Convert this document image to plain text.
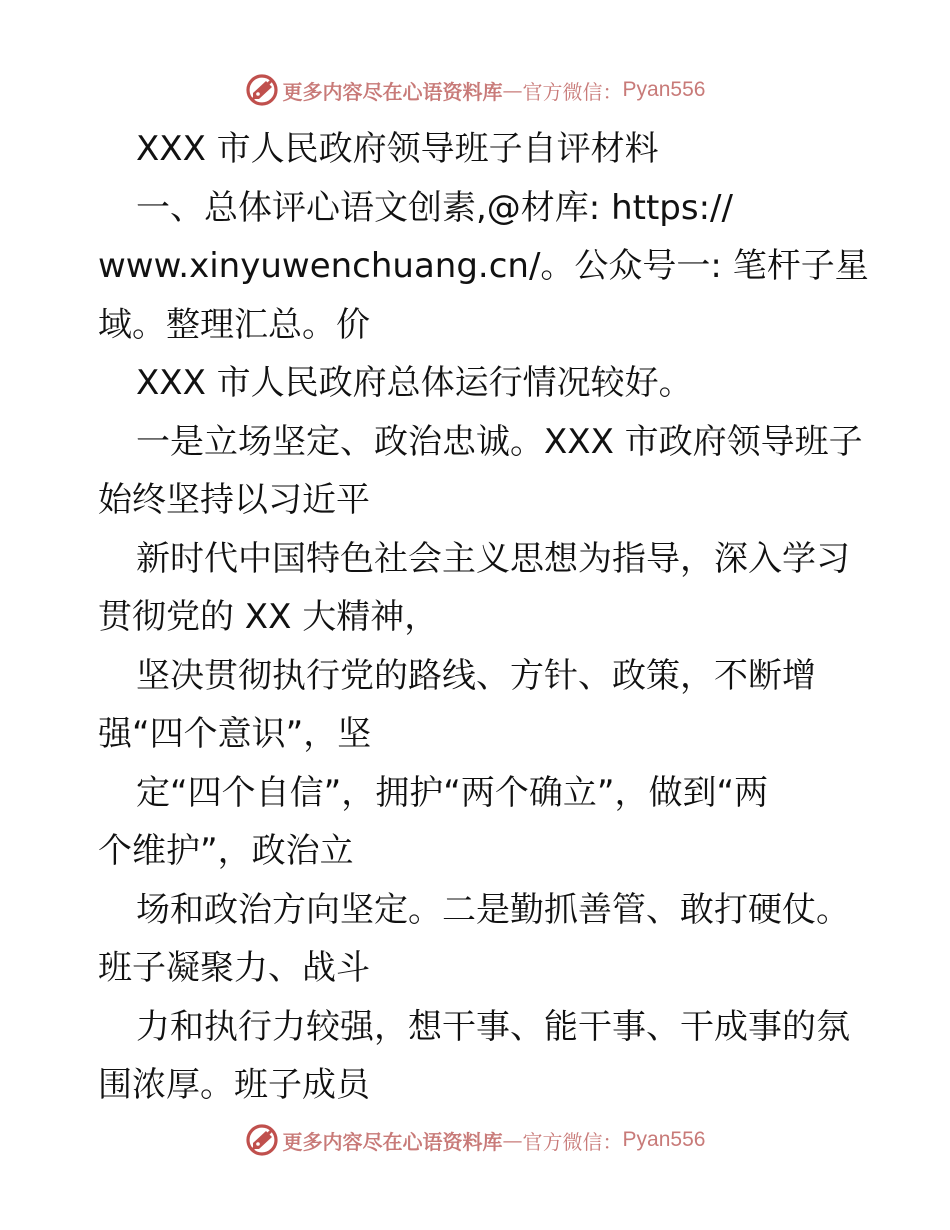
更多内容尽在心语资料库 — 官方微信： Pyan556
XXX 市人民政府领导班子自评材料
一、总体评心语文创素,@材库: https://
www.xinyuwenchuang.cn/。公众号一: 笔杆子星
域。整理汇总。价
XXX 市人民政府总体运行情况较好。
一是立场坚定、政治忠诚。XXX 市政府领导班子
始终坚持以习近平
新时代中国特色社会主义思想为指导，深入学习
贯彻党的 XX 大精神，
坚决贯彻执行党的路线、方针、政策，不断增
强“四个意识”，坚
定“四个自信”，拥护“两个确立”，做到“两
个维护”，政治立
场和政治方向坚定。二是勤抓善管、敢打硬仗。
班子凝聚力、战斗
力和执行力较强，想干事、能干事、干成事的氛
围浓厚。班子成员
更多内容尽在心语资料库 — 官方微信： Pyan556
